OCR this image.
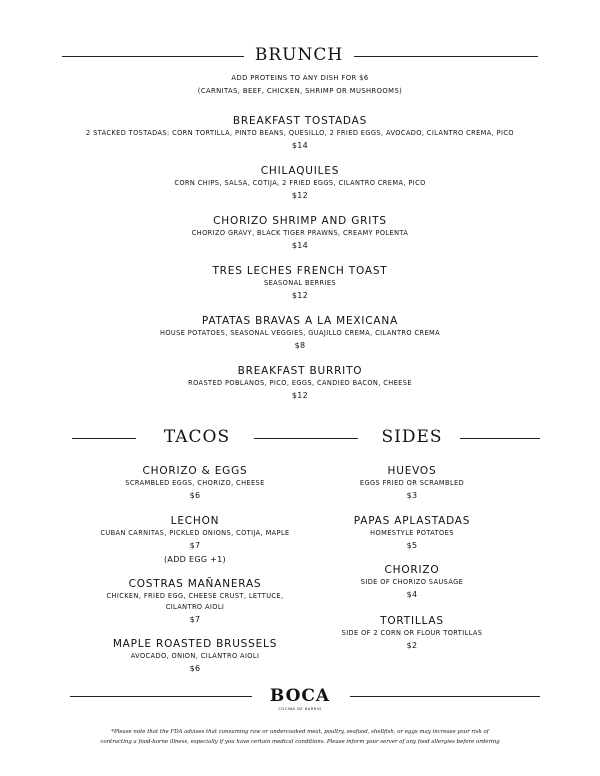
BRUNCH
ADD PROTEINS TO ANY DISH FOR $6
(CARNITAS, BEEF, CHICKEN, SHRIMP OR MUSHROOMS)
BREAKFAST TOSTADAS
2 STACKED TOSTADAS: CORN TORTILLA, PINTO BEANS, QUESILLO, 2 FRIED EGGS, AVOCADO, CILANTRO CREMA, PICO
$14
CHILAQUILES
CORN CHIPS, SALSA, COTIJA, 2 FRIED EGGS, CILANTRO CREMA, PICO
$12
CHORIZO SHRIMP AND GRITS
CHORIZO GRAVY, BLACK TIGER PRAWNS, CREAMY POLENTA
$14
TRES LECHES FRENCH TOAST
SEASONAL BERRIES
$12
PATATAS BRAVAS A LA MEXICANA
HOUSE POTATOES, SEASONAL VEGGIES, GUAJILLO CREMA, CILANTRO CREMA
$8
BREAKFAST BURRITO
ROASTED POBLANOS, PICO, EGGS, CANDIED BACON, CHEESE
$12
TACOS	SIDES
CHORIZO & EGGS
SCRAMBLED EGGS, CHORIZO, CHEESE
$6
LECHON
CUBAN CARNITAS, PICKLED ONIONS, COTIJA, MAPLE
$7
(ADD EGG +1)
COSTRAS MAÑANERAS
CHICKEN, FRIED EGG, CHEESE CRUST, LETTUCE,
CILANTRO AIOLI
$7
MAPLE ROASTED BRUSSELS
AVOCADO, ONION, CILANTRO AIOLI
$6
HUEVOS
EGGS FRIED OR SCRAMBLED
$3
PAPAS APLASTADAS
HOMESTYLE POTATOES
$5
CHORIZO
SIDE OF CHORIZO SAUSAGE
$4
TORTILLAS
SIDE OF 2 CORN OR FLOUR TORTILLAS
$2
BOCA
COCINA DE BARRIO
*Please note that the FDA advises that consuming raw or undercooked meat, poultry, seafood, shellfish, or eggs may increase your risk of
contracting a food-borne illness, especially if you have certain medical conditions. Please inform your server of any food allergies before ordering
